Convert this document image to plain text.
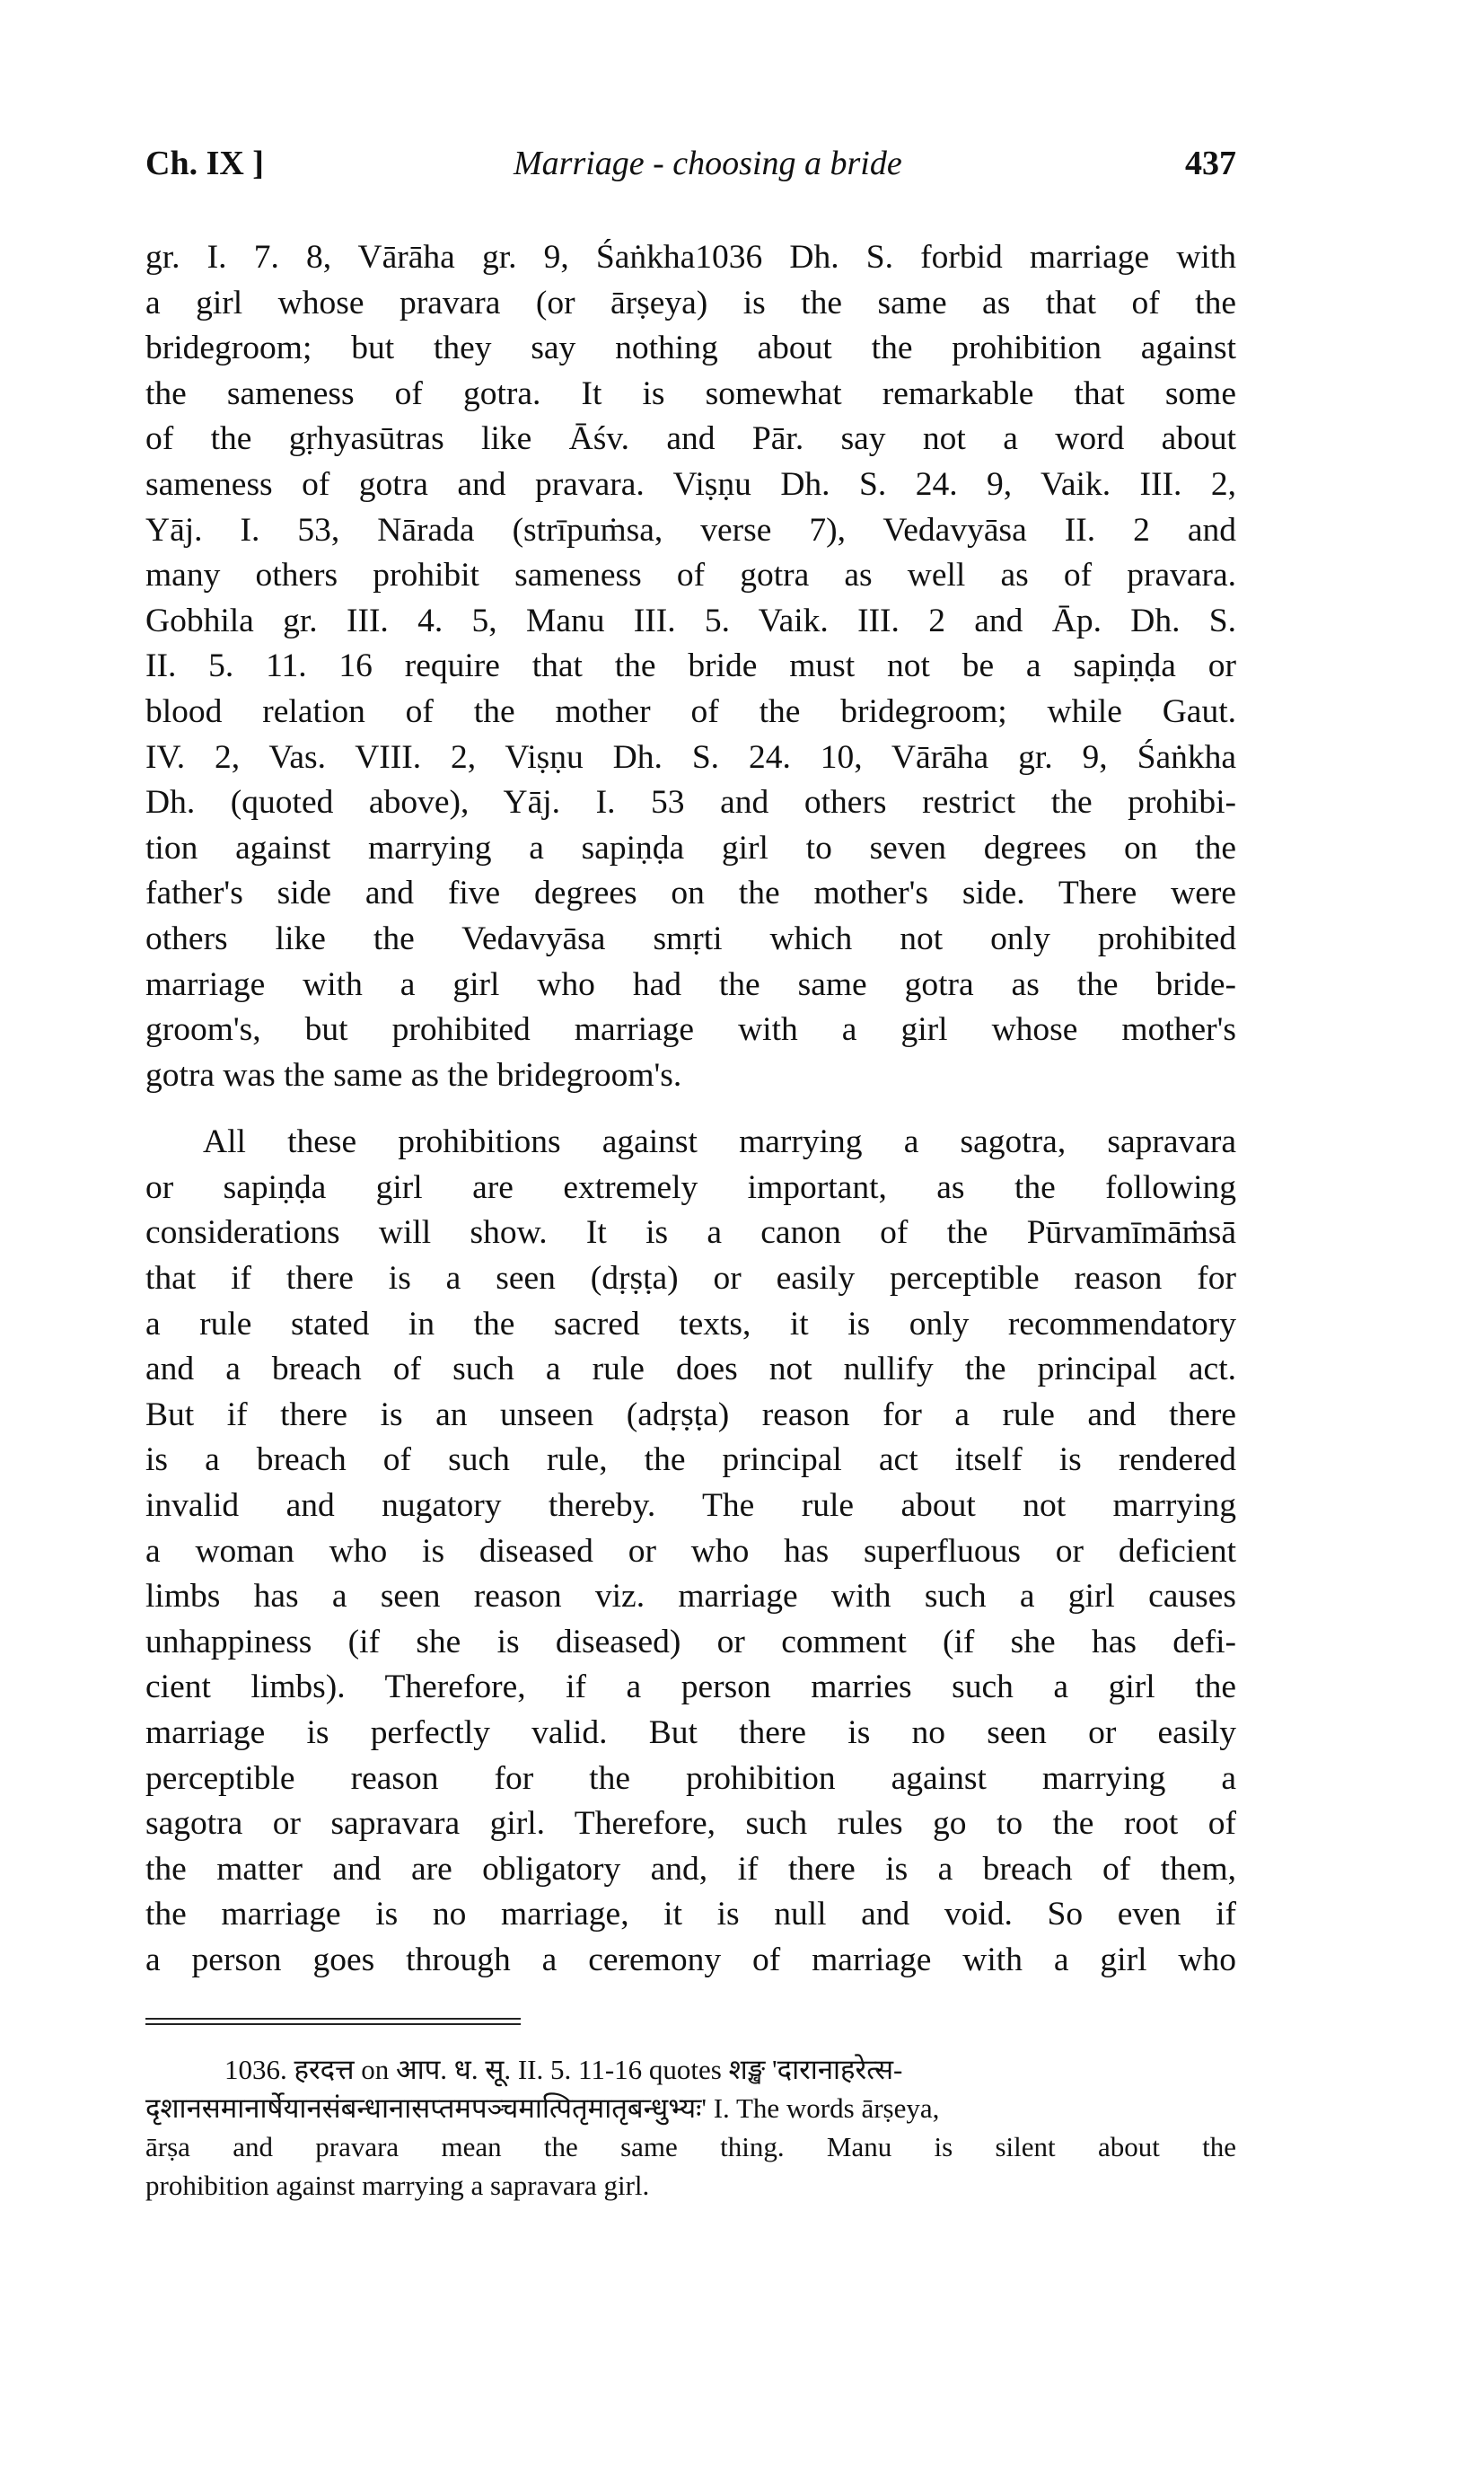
Ch. IX ]	Marriage - choosing a bride	437
gr. I. 7. 8, Vārāha gr. 9, Śaṅkha1036 Dh. S. forbid marriage with
a girl whose pravara (or ārṣeya) is the same as that of the
bridegroom; but they say nothing about the prohibition against
the sameness of gotra. It is somewhat remarkable that some
of the gṛhyasūtras like Āśv. and Pār. say not a word about
sameness of gotra and pravara. Viṣṇu Dh. S. 24. 9, Vaik. III. 2,
Yāj. I. 53, Nārada (strīpuṁsa, verse 7), Vedavyāsa II. 2 and
many others prohibit sameness of gotra as well as of pravara.
Gobhila gr. III. 4. 5, Manu III. 5. Vaik. III. 2 and Āp. Dh. S.
II. 5. 11. 16 require that the bride must not be a sapiṇḍa or
blood relation of the mother of the bridegroom; while Gaut.
IV. 2, Vas. VIII. 2, Viṣṇu Dh. S. 24. 10, Vārāha gr. 9, Śaṅkha
Dh. (quoted above), Yāj. I. 53 and others restrict the prohibi-
tion against marrying a sapiṇḍa girl to seven degrees on the
father's side and five degrees on the mother's side. There were
others like the Vedavyāsa smṛti which not only prohibited
marriage with a girl who had the same gotra as the bride-
groom's, but prohibited marriage with a girl whose mother's
gotra was the same as the bridegroom's.
All these prohibitions against marrying a sagotra, sapravara
or sapiṇḍa girl are extremely important, as the following
considerations will show. It is a canon of the Pūrvamīmāṁsā
that if there is a seen (dṛṣṭa) or easily perceptible reason for
a rule stated in the sacred texts, it is only recommendatory
and a breach of such a rule does not nullify the principal act.
But if there is an unseen (adṛṣṭa) reason for a rule and there
is a breach of such rule, the principal act itself is rendered
invalid and nugatory thereby. The rule about not marrying
a woman who is diseased or who has superfluous or deficient
limbs has a seen reason viz. marriage with such a girl causes
unhappiness (if she is diseased) or comment (if she has defi-
cient limbs). Therefore, if a person marries such a girl the
marriage is perfectly valid. But there is no seen or easily
perceptible reason for the prohibition against marrying a
sagotra or sapravara girl. Therefore, such rules go to the root of
the matter and are obligatory and, if there is a breach of them,
the marriage is no marriage, it is null and void. So even if
a person goes through a ceremony of marriage with a girl who
1036. हरदत्त on आप. ध. सू. II. 5. 11-16 quotes शङ्ख 'दारानाहरेत्स-
दृशानसमानार्षेयानसंबन्धानासप्तमपञ्चमात्पितृमातृबन्धुभ्यः' I. The words ārṣeya,
ārṣa and pravara mean the same thing. Manu is silent about the
prohibition against marrying a sapravara girl.
